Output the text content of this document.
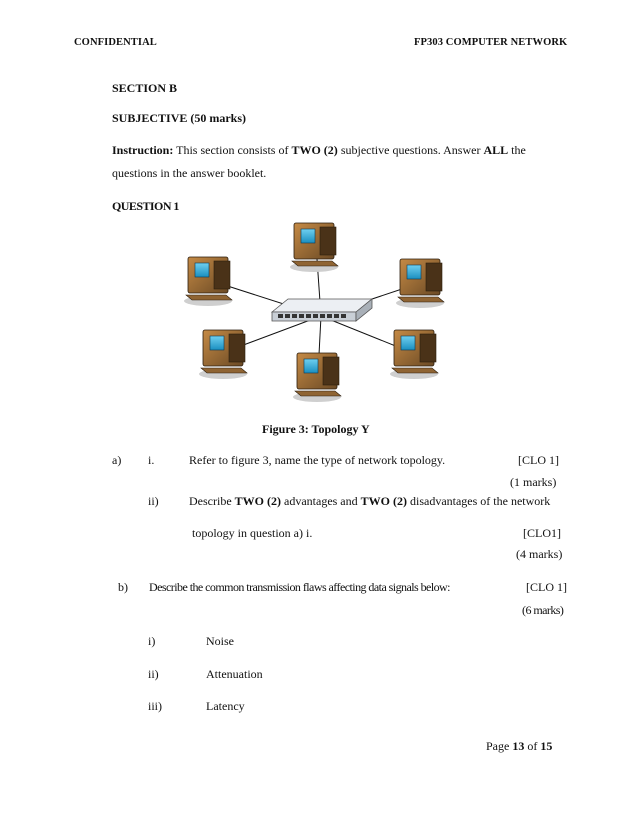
CONFIDENTIAL	FP303 COMPUTER NETWORK
SECTION B
SUBJECTIVE (50 marks)
Instruction: This section consists of TWO (2) subjective questions. Answer ALL the
questions in the answer booklet.
QUESTION 1
Figure 3: Topology Y
a) i.	Refer to figure 3, name the type of network topology.	[CLO 1]
(1 marks)
ii)	Describe TWO (2) advantages and TWO (2) disadvantages of the network
topology in question a) i.	[CLO1]
(4 marks)
b) Describe the common transmission flaws affecting data signals below:	[CLO 1]
(6 marks)
i)	Noise
ii)	Attenuation
iii)	Latency
Page 13 of 15
